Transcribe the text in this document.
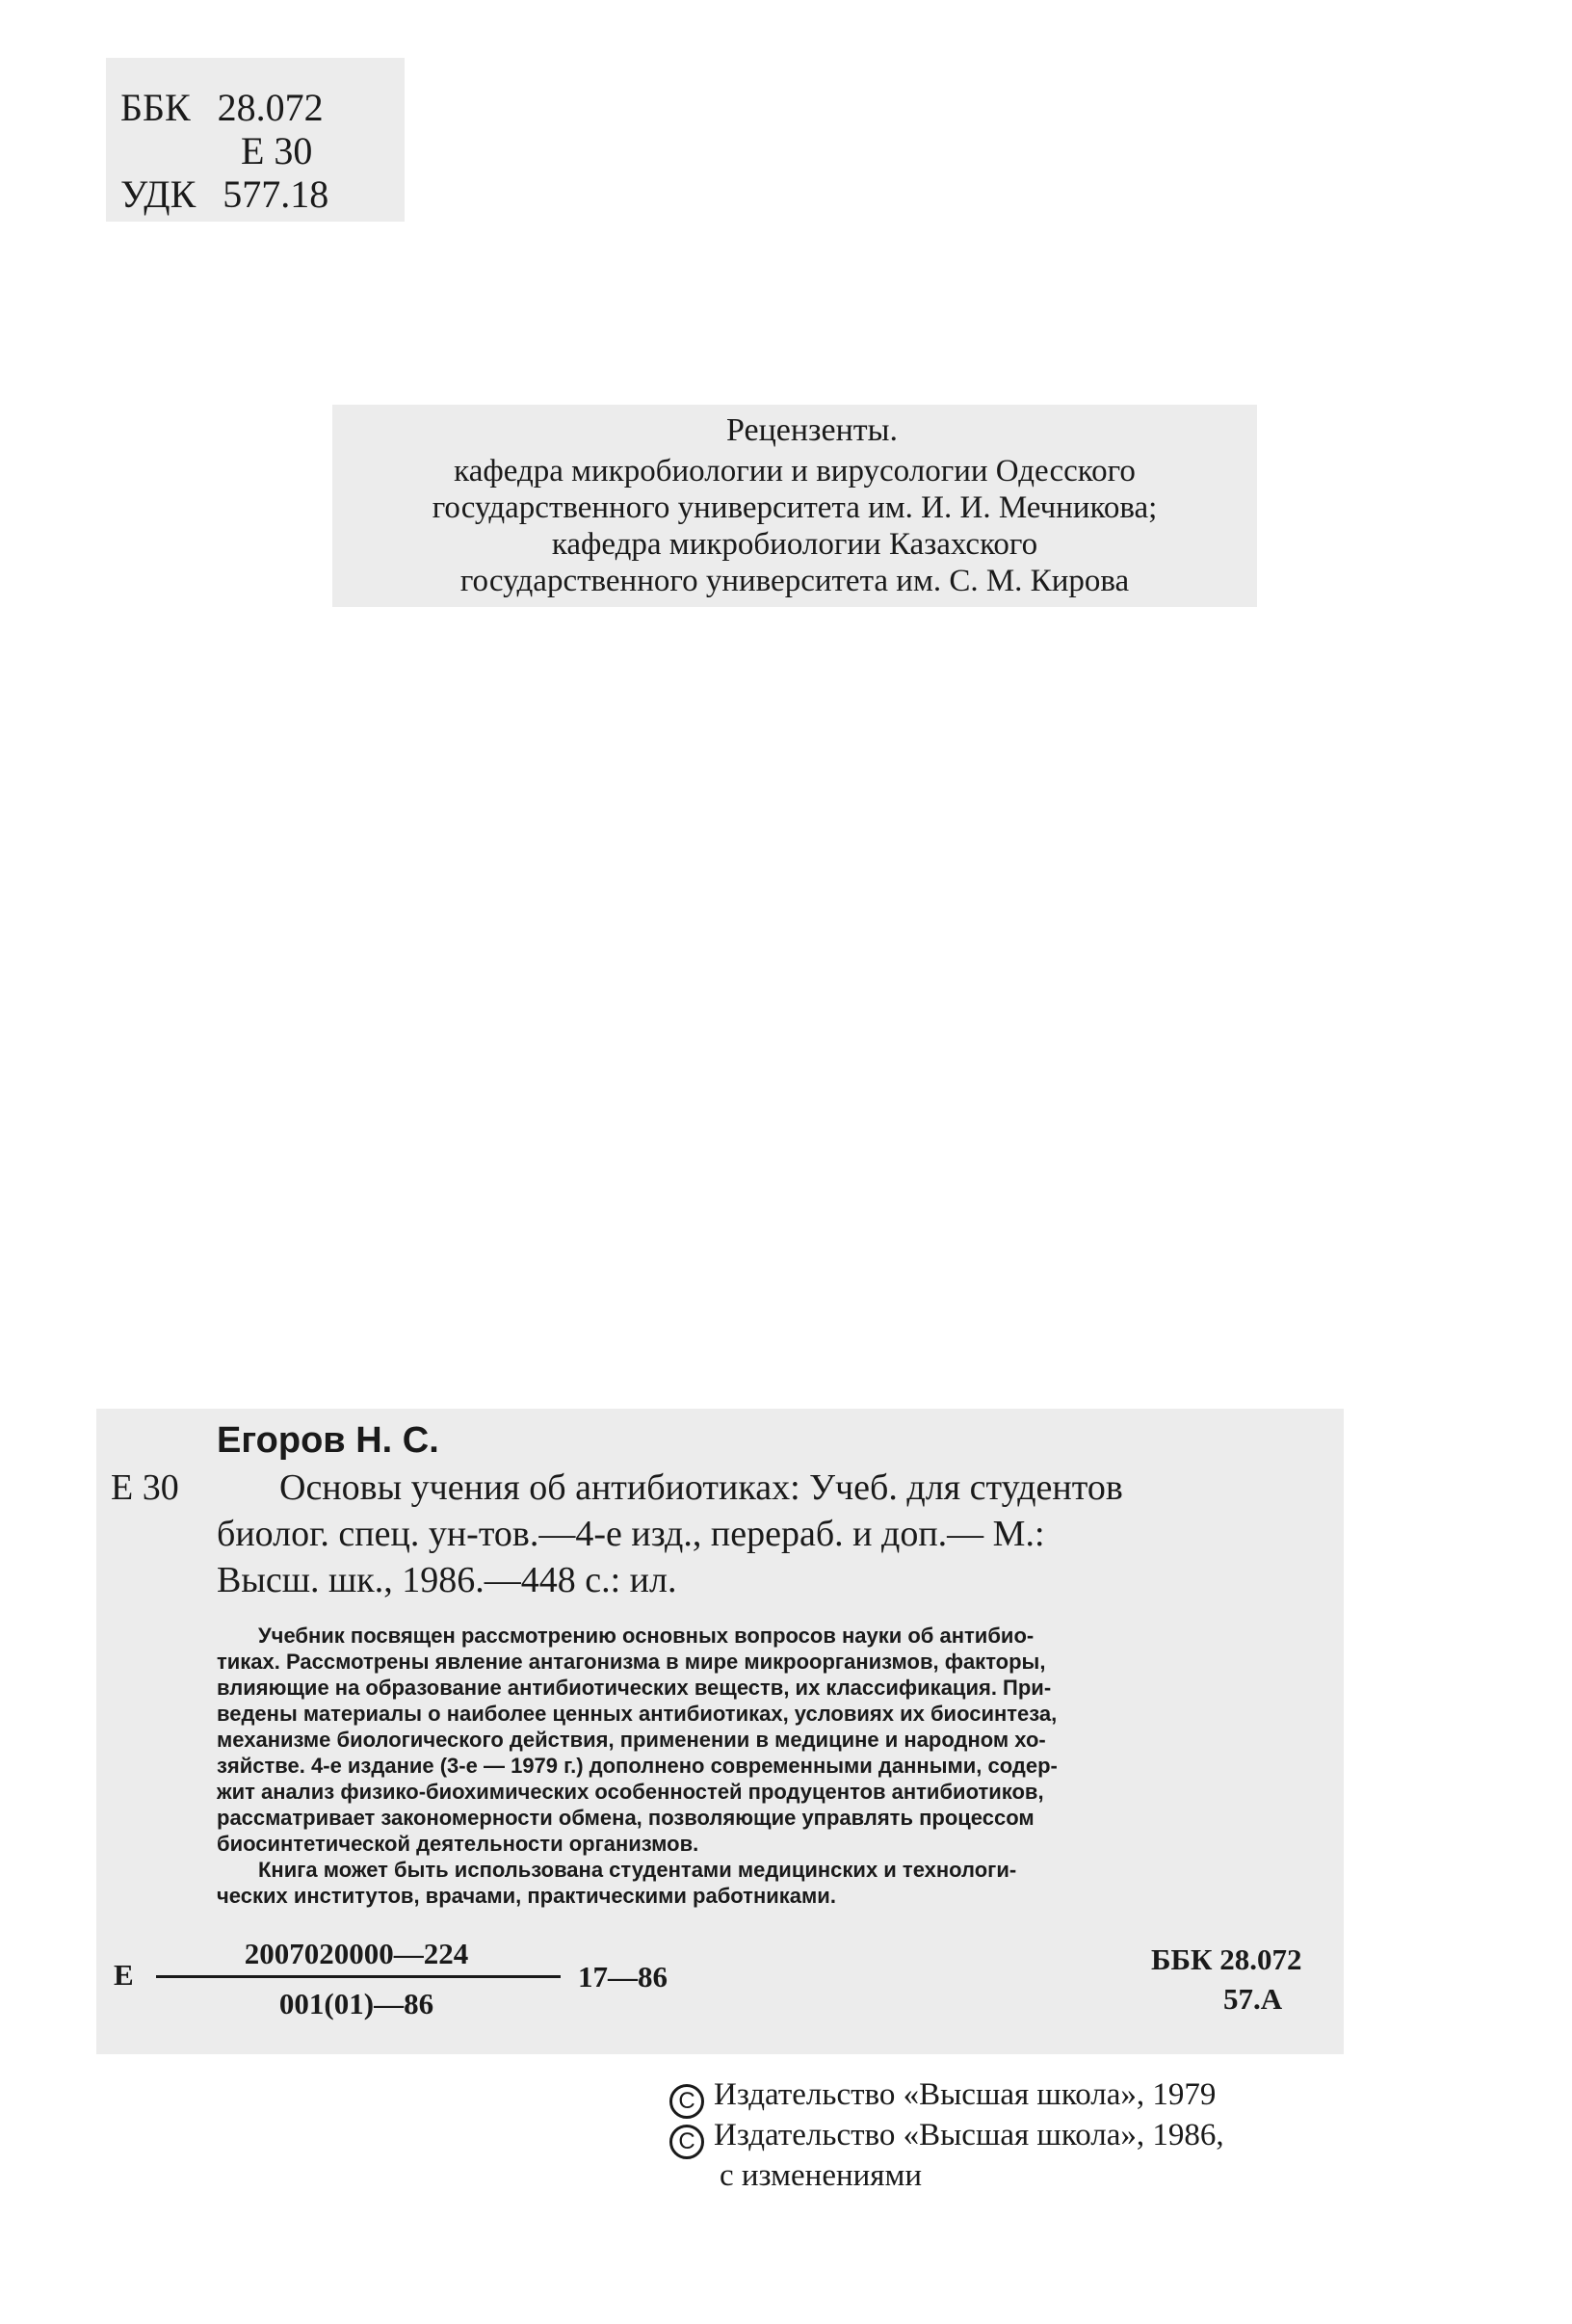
ББК 28.072
Е 30
УДК 577.18
Рецензенты.
кафедра микробиологии и вирусологии Одесского
государственного университета им. И. И. Мечникова;
кафедра микробиологии Казахского
государственного университета им. С. М. Кирова
Егоров Н. С.
Е 30	Основы учения об антибиотиках: Учеб. для студентов
биолог. спец. ун-тов.—4-е изд., перераб. и доп.— М.:
Высш. шк., 1986.—448 с.: ил.
Учебник посвящен рассмотрению основных вопросов науки об антибио-
тиках. Рассмотрены явление антагонизма в мире микроорганизмов, факторы,
влияющие на образование антибиотических веществ, их классификация. При-
ведены материалы о наиболее ценных антибиотиках, условиях их биосинтеза,
механизме биологического действия, применении в медицине и народном хо-
зяйстве. 4-е издание (3-е — 1979 г.) дополнено современными данными, содер-
жит анализ физико-биохимических особенностей продуцентов антибиотиков,
рассматривает закономерности обмена, позволяющие управлять процессом
биосинтетической деятельности организмов.
Книга может быть использована студентами медицинских и технологи-
ческих институтов, врачами, практическими работниками.
Е
2007020000—224
001(01)—86
17—86
ББК 28.072
57.А
C Издательство «Высшая школа», 1979
C Издательство «Высшая школа», 1986,
с изменениями
